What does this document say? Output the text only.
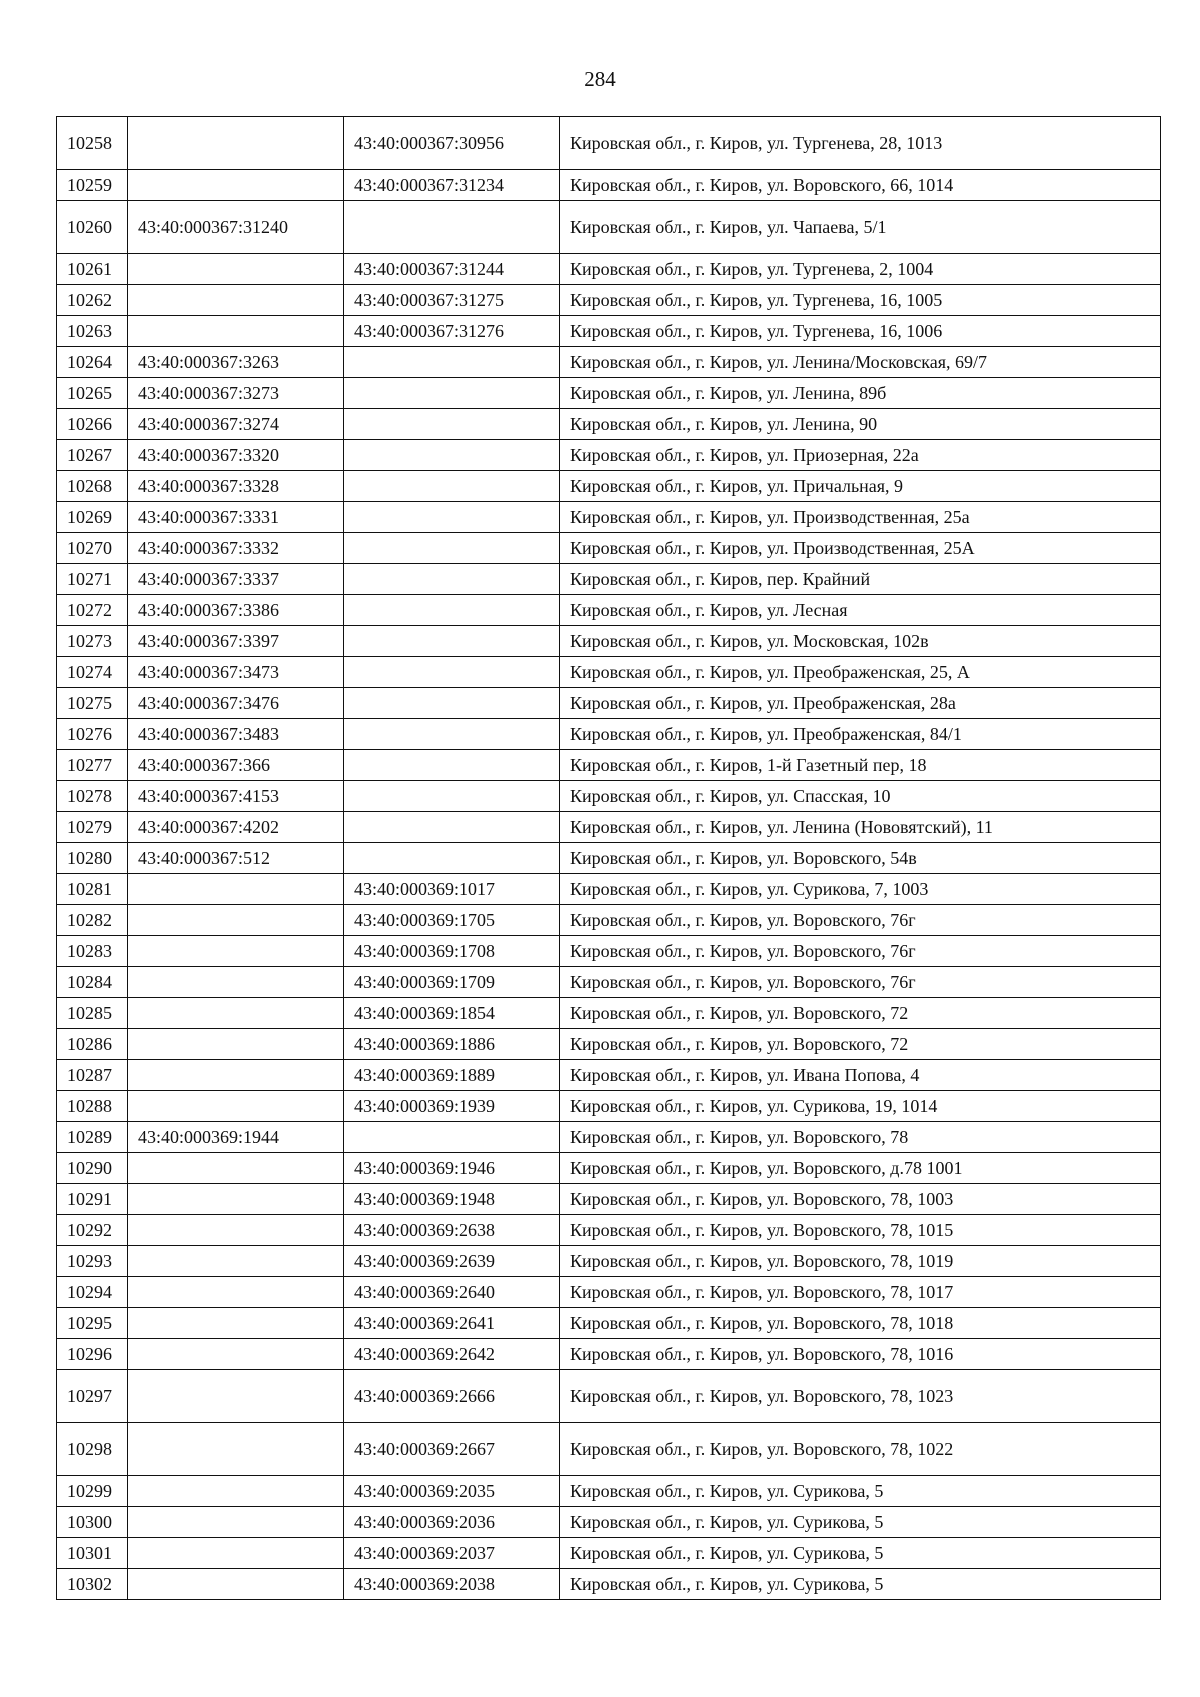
284
10258		43:40:000367:30956	Кировская обл., г. Киров, ул. Тургенева, 28, 1013
10259		43:40:000367:31234	Кировская обл., г. Киров, ул. Воровского, 66, 1014
10260	43:40:000367:31240		Кировская обл., г. Киров, ул. Чапаева, 5/1
10261		43:40:000367:31244	Кировская обл., г. Киров, ул. Тургенева, 2, 1004
10262		43:40:000367:31275	Кировская обл., г. Киров, ул. Тургенева, 16, 1005
10263		43:40:000367:31276	Кировская обл., г. Киров, ул. Тургенева, 16, 1006
10264	43:40:000367:3263		Кировская обл., г. Киров, ул. Ленина/Московская, 69/7
10265	43:40:000367:3273		Кировская обл., г. Киров, ул. Ленина, 89б
10266	43:40:000367:3274		Кировская обл., г. Киров, ул. Ленина, 90
10267	43:40:000367:3320		Кировская обл., г. Киров, ул. Приозерная, 22а
10268	43:40:000367:3328		Кировская обл., г. Киров, ул. Причальная, 9
10269	43:40:000367:3331		Кировская обл., г. Киров, ул. Производственная, 25а
10270	43:40:000367:3332		Кировская обл., г. Киров, ул. Производственная, 25А
10271	43:40:000367:3337		Кировская обл., г. Киров, пер. Крайний
10272	43:40:000367:3386		Кировская обл., г. Киров, ул. Лесная
10273	43:40:000367:3397		Кировская обл., г. Киров, ул. Московская, 102в
10274	43:40:000367:3473		Кировская обл., г. Киров, ул. Преображенская, 25, А
10275	43:40:000367:3476		Кировская обл., г. Киров, ул. Преображенская, 28а
10276	43:40:000367:3483		Кировская обл., г. Киров, ул. Преображенская, 84/1
10277	43:40:000367:366		Кировская обл., г. Киров, 1-й Газетный пер, 18
10278	43:40:000367:4153		Кировская обл., г. Киров, ул. Спасская, 10
10279	43:40:000367:4202		Кировская обл., г. Киров, ул. Ленина (Нововятский), 11
10280	43:40:000367:512		Кировская обл., г. Киров, ул. Воровского, 54в
10281		43:40:000369:1017	Кировская обл., г. Киров, ул. Сурикова, 7, 1003
10282		43:40:000369:1705	Кировская обл., г. Киров, ул. Воровского, 76г
10283		43:40:000369:1708	Кировская обл., г. Киров, ул. Воровского, 76г
10284		43:40:000369:1709	Кировская обл., г. Киров, ул. Воровского, 76г
10285		43:40:000369:1854	Кировская обл., г. Киров, ул. Воровского, 72
10286		43:40:000369:1886	Кировская обл., г. Киров, ул. Воровского, 72
10287		43:40:000369:1889	Кировская обл., г. Киров, ул. Ивана Попова, 4
10288		43:40:000369:1939	Кировская обл., г. Киров, ул. Сурикова, 19, 1014
10289	43:40:000369:1944		Кировская обл., г. Киров, ул. Воровского, 78
10290		43:40:000369:1946	Кировская обл., г. Киров, ул. Воровского, д.78 1001
10291		43:40:000369:1948	Кировская обл., г. Киров, ул. Воровского, 78, 1003
10292		43:40:000369:2638	Кировская обл., г. Киров, ул. Воровского, 78, 1015
10293		43:40:000369:2639	Кировская обл., г. Киров, ул. Воровского, 78, 1019
10294		43:40:000369:2640	Кировская обл., г. Киров, ул. Воровского, 78, 1017
10295		43:40:000369:2641	Кировская обл., г. Киров, ул. Воровского, 78, 1018
10296		43:40:000369:2642	Кировская обл., г. Киров, ул. Воровского, 78, 1016
10297		43:40:000369:2666	Кировская обл., г. Киров, ул. Воровского, 78, 1023
10298		43:40:000369:2667	Кировская обл., г. Киров, ул. Воровского, 78, 1022
10299		43:40:000369:2035	Кировская обл., г. Киров, ул. Сурикова, 5
10300		43:40:000369:2036	Кировская обл., г. Киров, ул. Сурикова, 5
10301		43:40:000369:2037	Кировская обл., г. Киров, ул. Сурикова, 5
10302		43:40:000369:2038	Кировская обл., г. Киров, ул. Сурикова, 5
